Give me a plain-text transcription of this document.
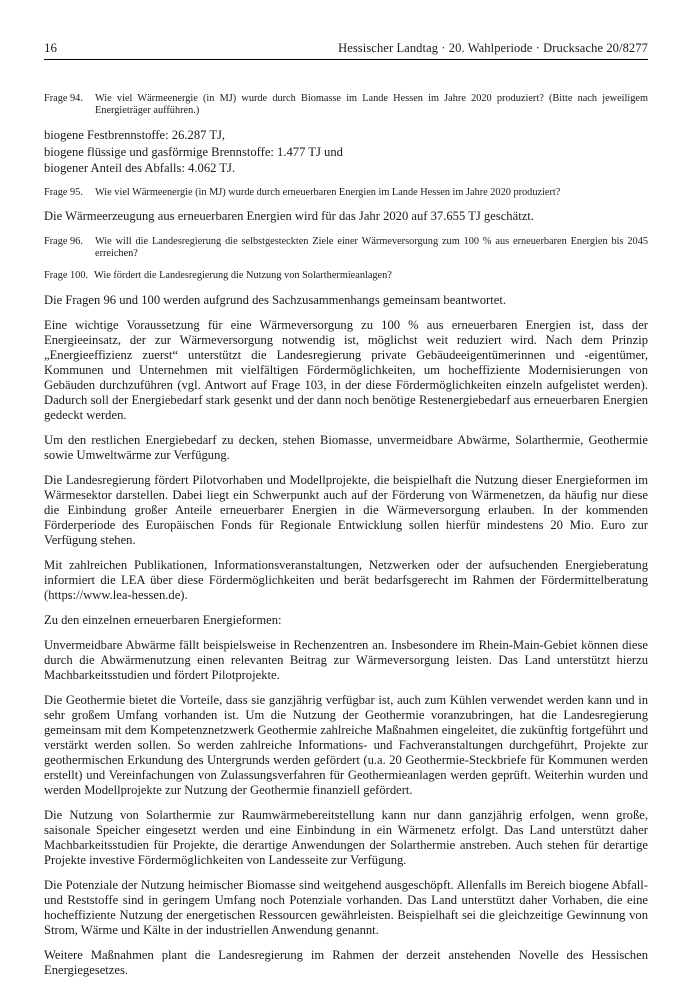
16	Hessischer Landtag · 20. Wahlperiode · Drucksache 20/8277
Frage 94.	Wie viel Wärmeenergie (in MJ) wurde durch Biomasse im Lande Hessen im Jahre 2020 produziert? (Bitte nach jeweiligem Energieträger aufführen.)

biogene Festbrennstoffe: 26.287 TJ,

biogene flüssige und gasförmige Brennstoffe: 1.477 TJ und

biogener Anteil des Abfalls: 4.062 TJ.

Frage 95.	Wie viel Wärmeenergie (in MJ) wurde durch erneuerbaren Energien im Lande Hessen im Jahre 2020 produziert?

Die Wärmeerzeugung aus erneuerbaren Energien wird für das Jahr 2020 auf 37.655 TJ geschätzt.

Frage 96.	Wie will die Landesregierung die selbstgesteckten Ziele einer Wärmeversorgung zum 100 % aus erneuerbaren Energien bis 2045 erreichen?
Frage 100. Wie fördert die Landesregierung die Nutzung von Solarthermieanlagen?

Die Fragen 96 und 100 werden aufgrund des Sachzusammenhangs gemeinsam beantwortet.

Eine wichtige Voraussetzung für eine Wärmeversorgung zu 100 % aus erneuerbaren Energien ist, dass der Energieeinsatz, der zur Wärmeversorgung notwendig ist, möglichst weit reduziert wird. Nach dem Prinzip „Energieeffizienz zuerst“ unterstützt die Landesregierung private Gebäudeeigentümerinnen und -eigentümer, Kommunen und Unternehmen mit vielfältigen Fördermöglichkeiten, um hocheffiziente Modernisierungen von Gebäuden durchzuführen (vgl. Antwort auf Frage 103, in der diese Fördermöglichkeiten einzeln aufgelistet werden). Dadurch soll der Energiebedarf stark gesenkt und der dann noch benötige Restenergiebedarf aus erneuerbaren Energien gedeckt werden.

Um den restlichen Energiebedarf zu decken, stehen Biomasse, unvermeidbare Abwärme, Solarthermie, Geothermie sowie Umweltwärme zur Verfügung.

Die Landesregierung fördert Pilotvorhaben und Modellprojekte, die beispielhaft die Nutzung dieser Energieformen im Wärmesektor darstellen. Dabei liegt ein Schwerpunkt auch auf der Förderung von Wärmenetzen, da häufig nur diese die Einbindung großer Anteile erneuerbarer Energien in die Wärmeversorgung erlauben. In der kommenden Förderperiode des Europäischen Fonds für Regionale Entwicklung sollen hierfür mindestens 20 Mio. Euro zur Verfügung stehen.

Mit zahlreichen Publikationen, Informationsveranstaltungen, Netzwerken oder der aufsuchenden Energieberatung informiert die LEA über diese Fördermöglichkeiten und berät bedarfsgerecht im Rahmen der Fördermittelberatung (https://www.lea-hessen.de).

Zu den einzelnen erneuerbaren Energieformen:

Unvermeidbare Abwärme fällt beispielsweise in Rechenzentren an. Insbesondere im Rhein-Main-Gebiet können diese durch die Abwärmenutzung einen relevanten Beitrag zur Wärmeversorgung leisten. Das Land unterstützt hierzu Machbarkeitsstudien und fördert Pilotprojekte.

Die Geothermie bietet die Vorteile, dass sie ganzjährig verfügbar ist, auch zum Kühlen verwendet werden kann und in sehr großem Umfang vorhanden ist. Um die Nutzung der Geothermie voranzubringen, hat die Landesregierung gemeinsam mit dem Kompetenznetzwerk Geothermie zahlreiche Maßnahmen eingeleitet, die zukünftig fortgeführt und verstärkt werden sollen. So werden zahlreiche Informations- und Fachveranstaltungen durchgeführt, Projekte zur geothermischen Erkundung des Untergrunds werden gefördert (u.a. 20 Geothermie-Steckbriefe für Kommunen werden erstellt) und Vereinfachungen von Zulassungsverfahren für Geothermieanlagen werden geprüft. Weiterhin wurden und werden Modellprojekte zur Nutzung der Geothermie finanziell gefördert.

Die Nutzung von Solarthermie zur Raumwärmebereitstellung kann nur dann ganzjährig erfolgen, wenn große, saisonale Speicher eingesetzt werden und eine Einbindung in ein Wärmenetz erfolgt. Das Land unterstützt daher Machbarkeitsstudien für Projekte, die derartige Anwendungen der Solarthermie anstreben. Auch stehen für derartige Projekte investive Fördermöglichkeiten von Landesseite zur Verfügung.

Die Potenziale der Nutzung heimischer Biomasse sind weitgehend ausgeschöpft. Allenfalls im Bereich biogene Abfall- und Reststoffe sind in geringem Umfang noch Potenziale vorhanden. Das Land unterstützt daher Vorhaben, die eine hocheffiziente Nutzung der energetischen Ressourcen gewährleisten. Beispielhaft sei die gleichzeitige Gewinnung von Strom, Wärme und Kälte in der industriellen Anwendung genannt.

Weitere Maßnahmen plant die Landesregierung im Rahmen der derzeit anstehenden Novelle des Hessischen Energiegesetzes.
